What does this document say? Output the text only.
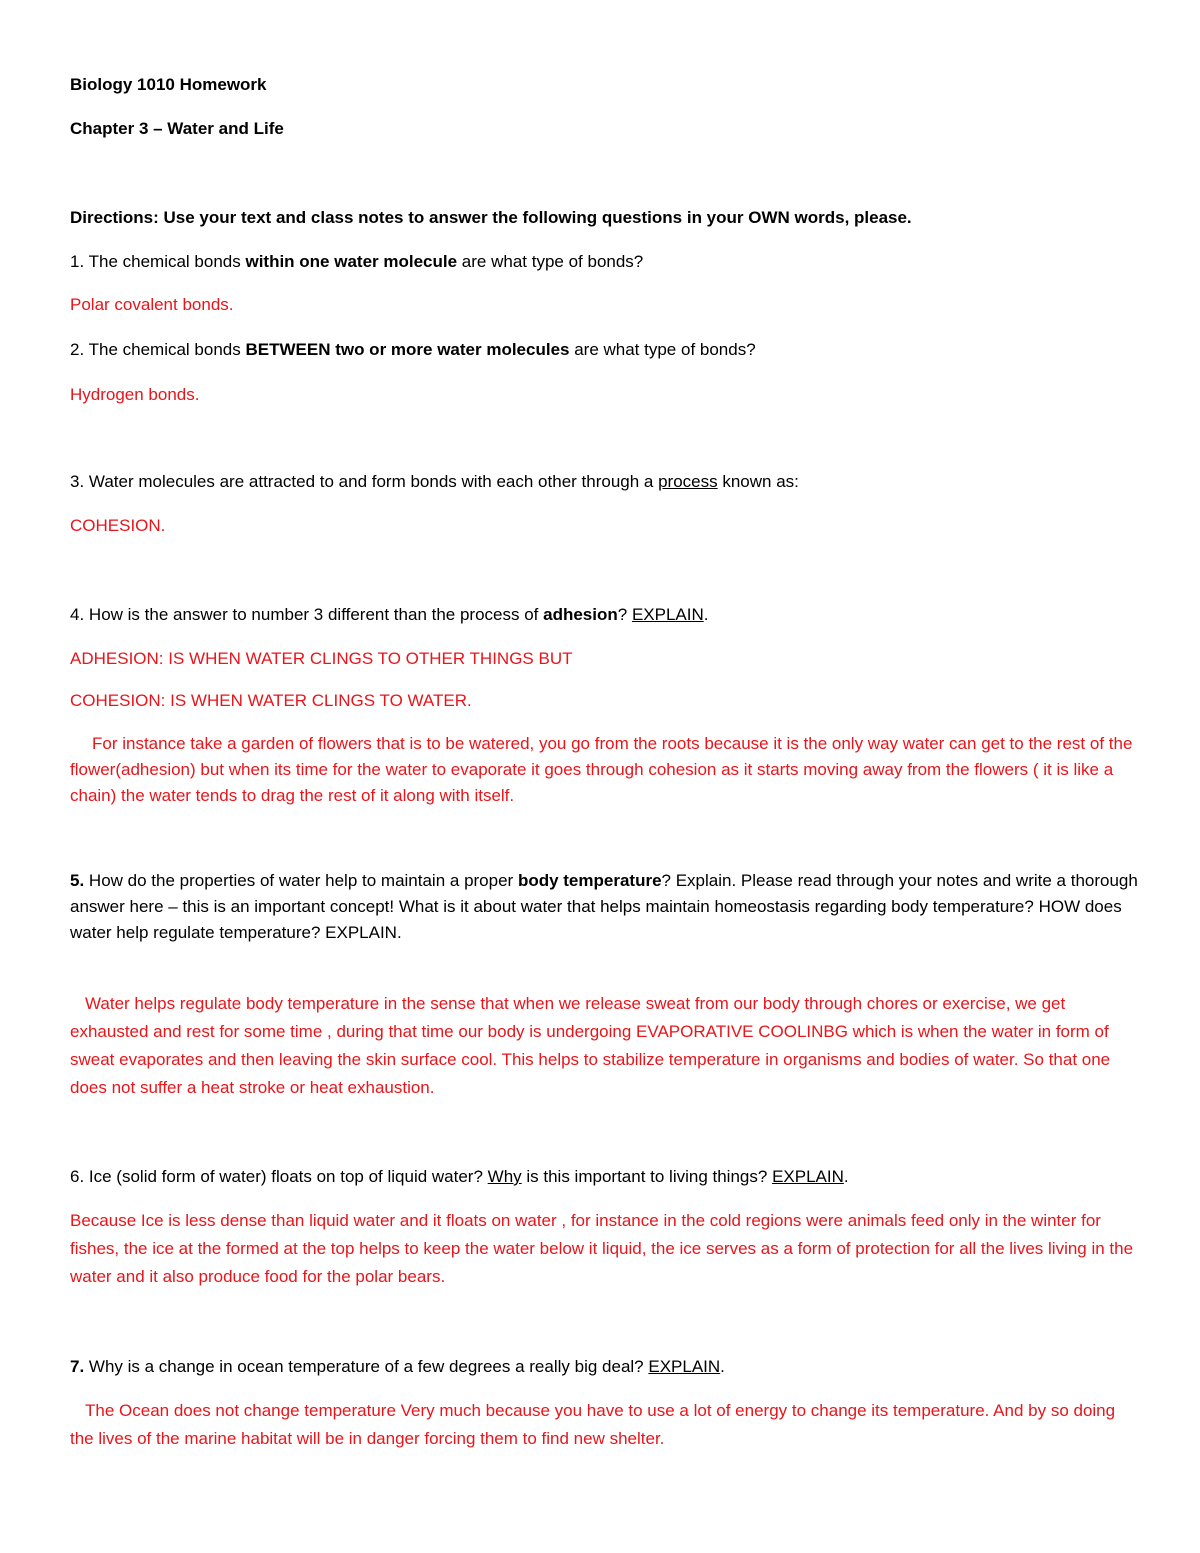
Biology 1010 Homework
Chapter 3 – Water and Life
Directions: Use your text and class notes to answer the following questions in your OWN words, please.
1. The chemical bonds within one water molecule are what type of bonds?
Polar covalent bonds.
2. The chemical bonds BETWEEN two or more water molecules are what type of bonds?
Hydrogen bonds.
3. Water molecules are attracted to and form bonds with each other through a process known as:
COHESION.
4. How is the answer to number 3 different than the process of adhesion? EXPLAIN.
ADHESION: IS WHEN WATER CLINGS TO OTHER THINGS BUT
COHESION: IS WHEN WATER CLINGS TO WATER.
For instance take a garden of flowers that is to be watered, you go from the roots because it is the only way water can get to the rest of the flower(adhesion) but when its time for the water to evaporate it goes through cohesion as it starts moving away from the flowers ( it is like a chain) the water tends to drag the rest of it along with itself.
5. How do the properties of water help to maintain a proper body temperature? Explain. Please read through your notes and write a thorough answer here – this is an important concept! What is it about water that helps maintain homeostasis regarding body temperature? HOW does water help regulate temperature? EXPLAIN.
Water helps regulate body temperature in the sense that when we release sweat from our body through chores or exercise, we get exhausted and rest for some time , during that time our body is undergoing EVAPORATIVE COOLINBG which is when the water in form of sweat evaporates and then leaving the skin surface cool. This helps to stabilize temperature in organisms and bodies of water. So that one does not suffer a heat stroke or heat exhaustion.
6. Ice (solid form of water) floats on top of liquid water? Why is this important to living things? EXPLAIN.
Because Ice is less dense than liquid water and it floats on water , for instance in the cold regions were animals feed only in the winter for fishes, the ice at the formed at the top helps to keep the water below it liquid, the ice serves as a form of protection for all the lives living in the water and it also produce food for the polar bears.
7. Why is a change in ocean temperature of a few degrees a really big deal? EXPLAIN.
The Ocean does not change temperature Very much because you have to use a lot of energy to change its temperature. And by so doing the lives of the marine habitat will be in danger forcing them to find new shelter.
